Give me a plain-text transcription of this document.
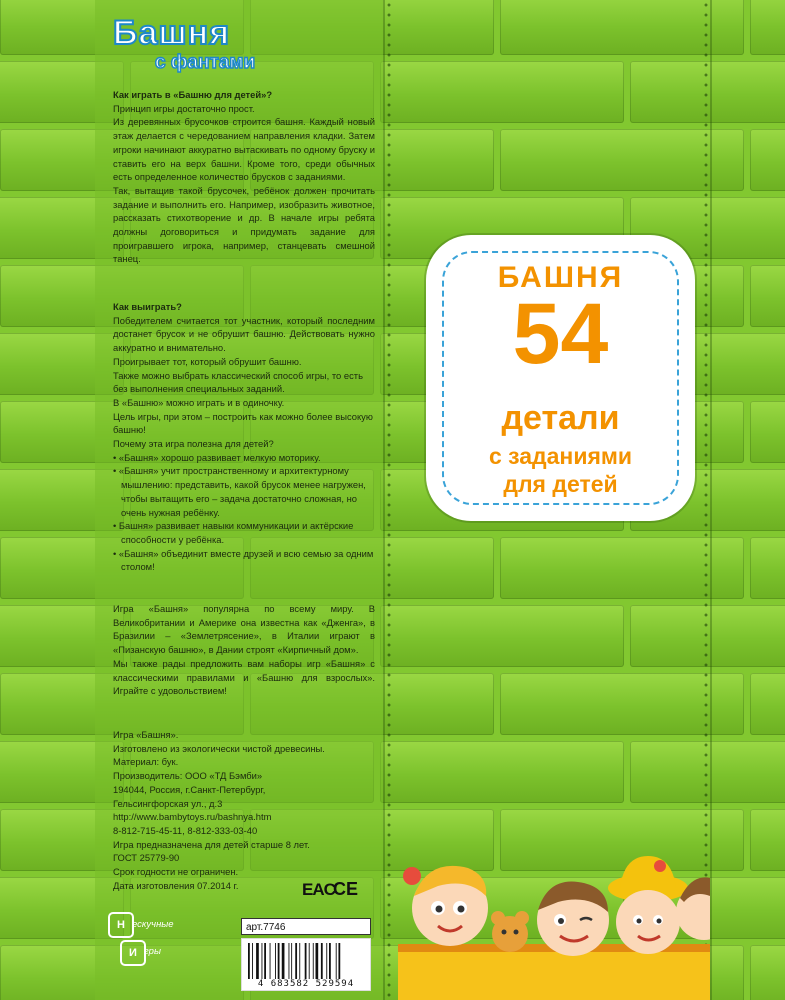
Башня
с фантами

Как играть в «Башню для детей»?

Принцип игры достаточно прост.

Из деревянных брусочков строится башня. Каждый новый этаж делается с чередованием направления кладки. Затем игроки начинают аккуратно вытаскивать по одному бруску и ставить его на верх башни. Кроме того, среди обычных есть определенное количество брусков с заданиями.

Так, вытащив такой брусочек, ребёнок должен прочитать задание и выполнить его. Например, изобразить животное, рассказать стихотворение и др. В начале игры ребята должны договориться и придумать задание для проигравшего игрока, например, станцевать смешной танец.

Как выиграть?

Победителем считается тот участник, который последним достанет брусок и не обрушит башню. Действовать нужно аккуратно и внимательно.

Проигрывает тот, который обрушит башню.

Также можно выбрать классический способ игры, то есть без выполнения специальных заданий.

В «Башню» можно играть и в одиночку.

Цель игры, при этом – построить как можно более высокую башню!

Почему эта игра полезна для детей?

• «Башня» хорошо развивает мелкую моторику.

• «Башня» учит пространственному и архитектурному мышлению: представить, какой брусок менее нагружен, чтобы вытащить его – задача достаточно сложная, но очень нужная ребёнку.

• Башня» развивает навыки коммуникации и актёрские способности у ребёнка.

• «Башня» объединит вместе друзей и всю семью за одним столом!

Игра «Башня» популярна по всему миру. В Великобритании и Америке она известна как «Дженга», в Бразилии – «Землетрясение», в Италии играют в «Пизанскую башню», в Дании строят «Кирпичный дом».

Мы также рады предложить вам наборы игр «Башня» с классическими правилами и «Башню для взрослых». Играйте с удовольствием!

Игра «Башня».

Изготовлено из экологически чистой древесины.

Материал: бук.

Производитель: ООО «ТД Бэмби»

194044, Россия, г.Санкт-Петербург,

Гельсингфорская ул., д.3

http://www.bambytoys.ru/bashnya.htm

8-812-715-45-11, 8-812-333-03-40

Игра предназначена для детей старше 8 лет.

ГОСТ 25779-90

Срок годности не ограничен.

Дата изготовления 07.2014 г.	EAC
CE
Н ескучные
И гры
арт.7746
4 683582 529594
БАШНЯ
54
детали
с заданиями
для детей
